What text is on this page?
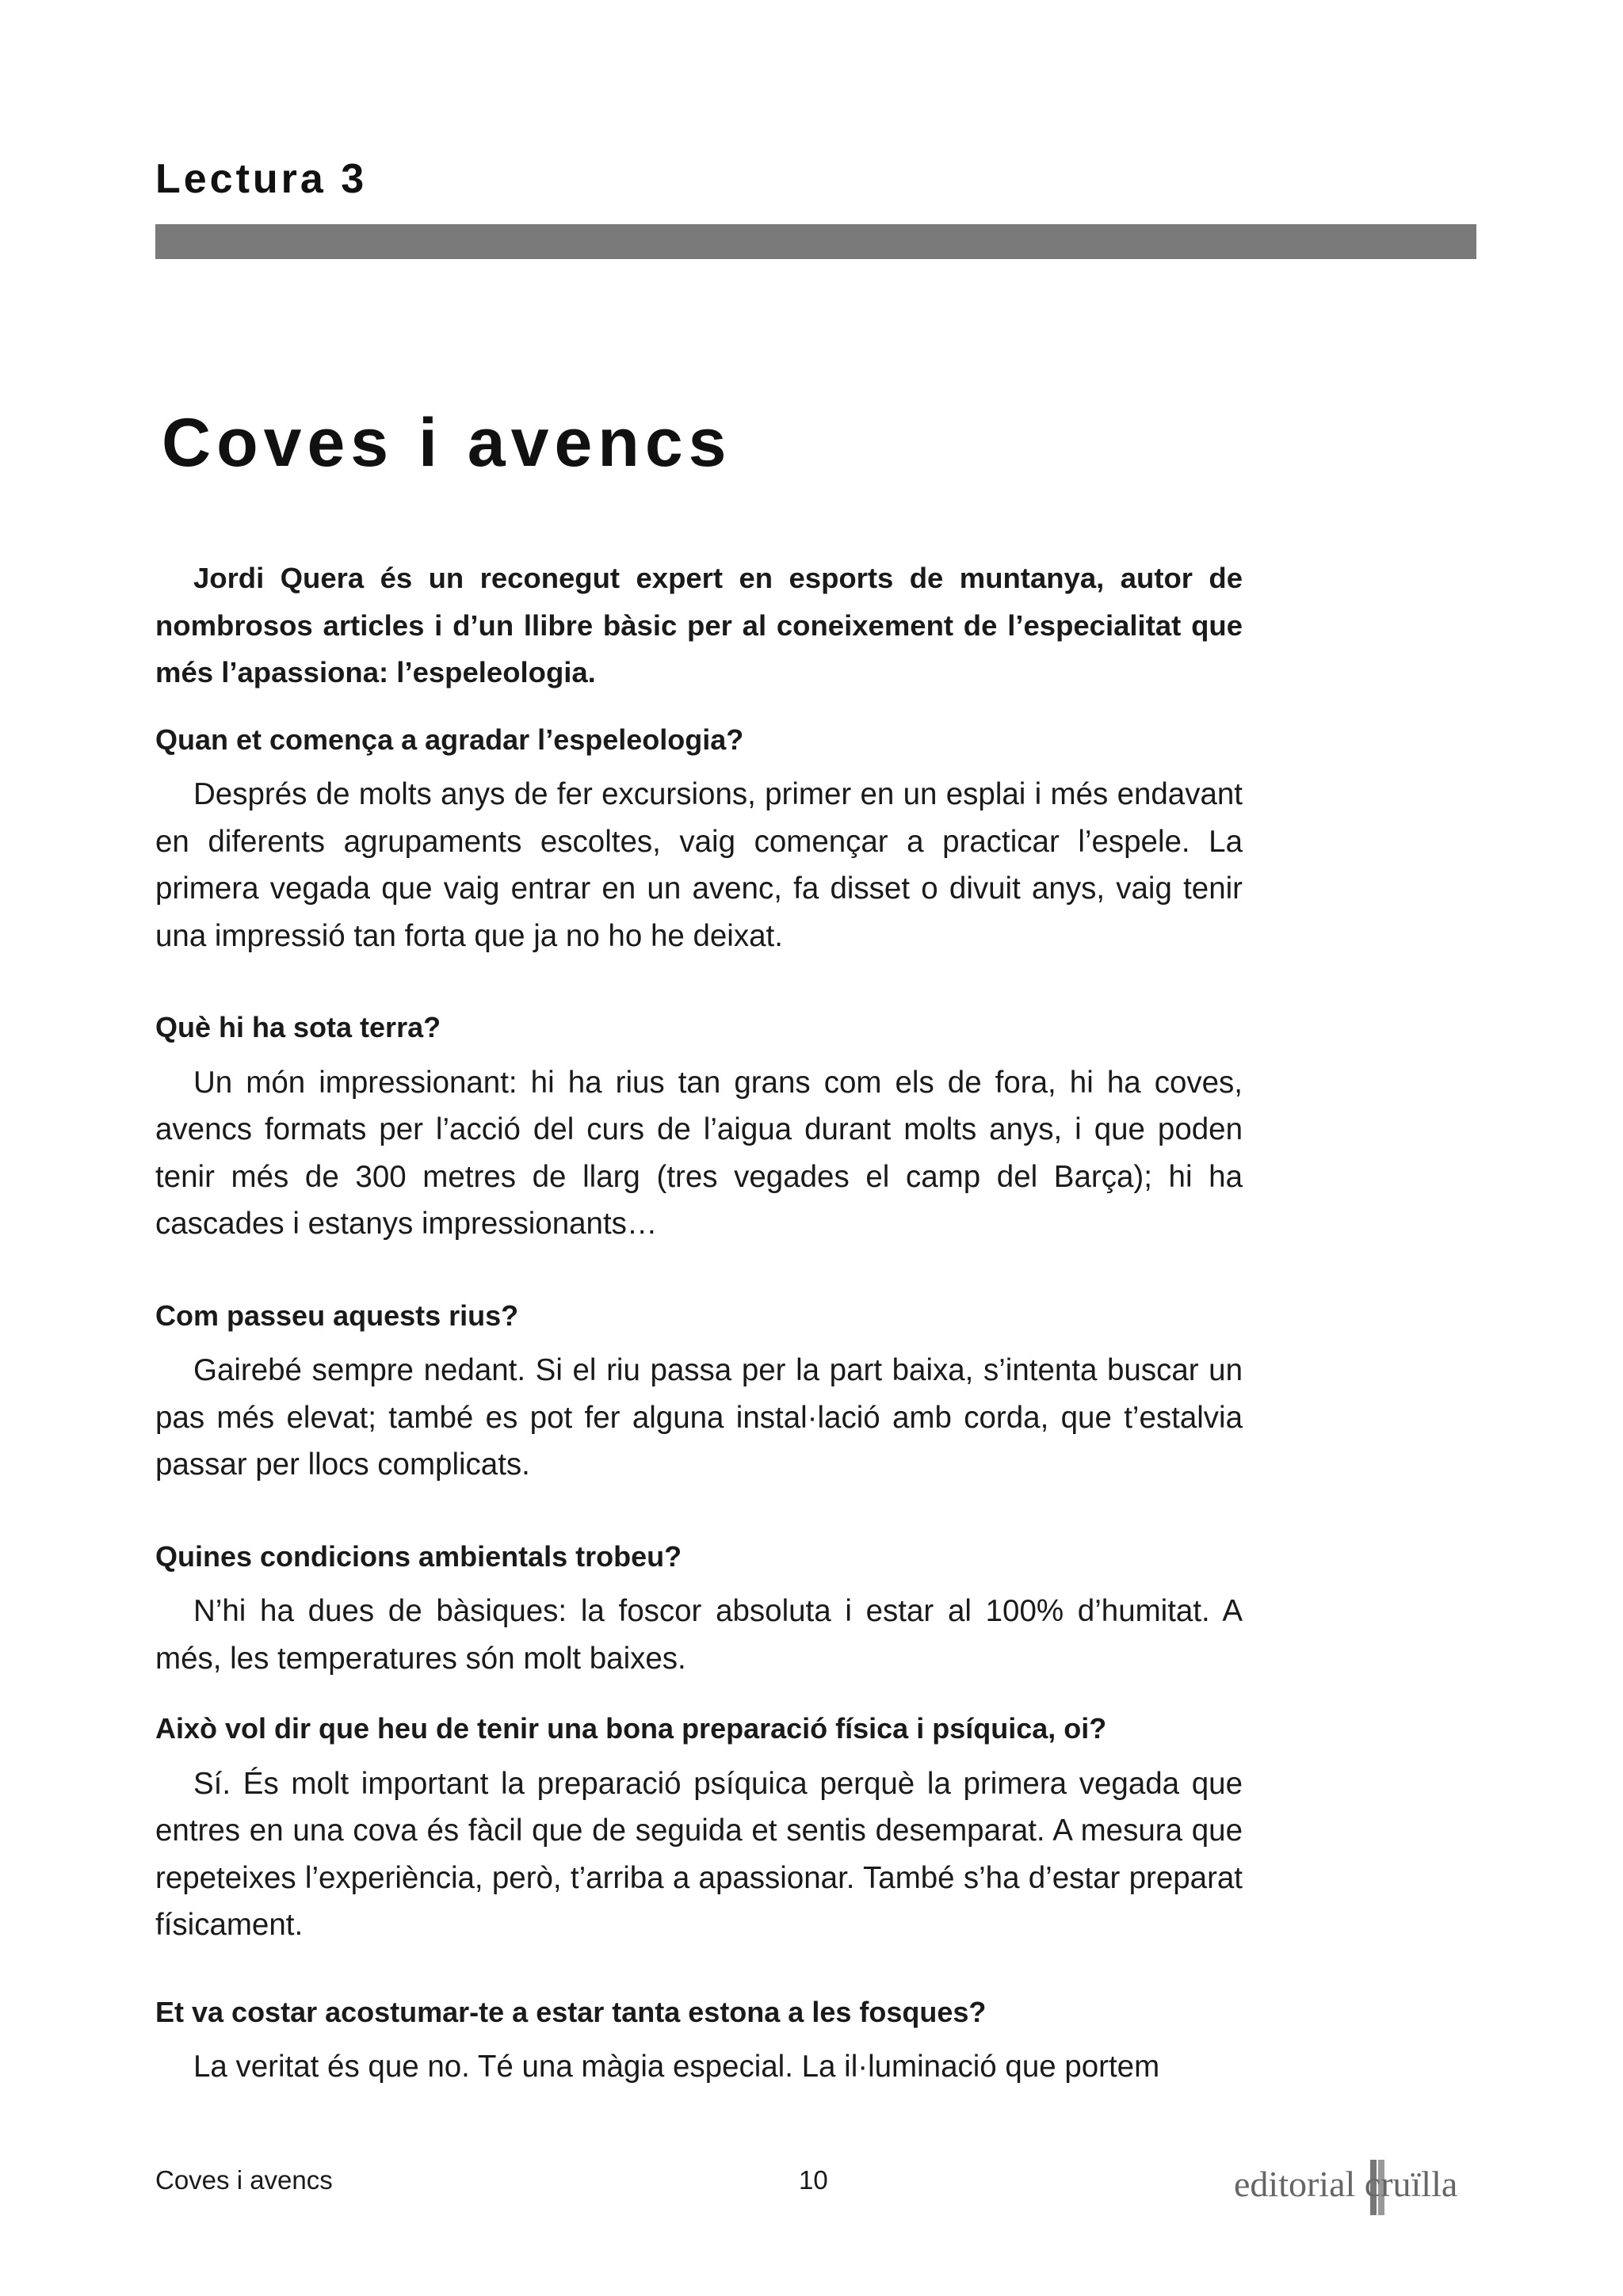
Lectura 3
Coves i avencs

Jordi Quera és un reconegut expert en esports de muntanya, autor de nombrosos articles i d’un llibre bàsic per al coneixement de l’especialitat que més l’apassiona: l’espeleologia.

Quan et comença a agradar l’espeleologia?

Després de molts anys de fer excursions, primer en un esplai i més endavant en diferents agrupaments escoltes, vaig començar a practicar l’espele. La primera vegada que vaig entrar en un avenc, fa disset o divuit anys, vaig tenir una impressió tan forta que ja no ho he deixat.

Què hi ha sota terra?

Un món impressionant: hi ha rius tan grans com els de fora, hi ha coves, avencs formats per l’acció del curs de l’aigua durant molts anys, i que poden tenir més de 300 metres de llarg (tres vegades el camp del Barça); hi ha cascades i estanys impressionants…

Com passeu aquests rius?

Gairebé sempre nedant. Si el riu passa per la part baixa, s’intenta buscar un pas més elevat; també es pot fer alguna instal·lació amb corda, que t’estalvia passar per llocs complicats.

Quines condicions ambientals trobeu?

N’hi ha dues de bàsiques: la foscor absoluta i estar al 100% d’humitat. A més, les temperatures són molt baixes.

Això vol dir que heu de tenir una bona preparació física i psíquica, oi?

Sí. És molt important la preparació psíquica perquè la primera vegada que entres en una cova és fàcil que de seguida et sentis desemparat. A mesura que repeteixes l’experiència, però, t’arriba a apassionar. També s’ha d’estar preparat físicament.

Et va costar acostumar-te a estar tanta estona a les fosques?

La veritat és que no. Té una màgia especial. La il·luminació que portem

Coves i avencs	10	editorial cruïlla
